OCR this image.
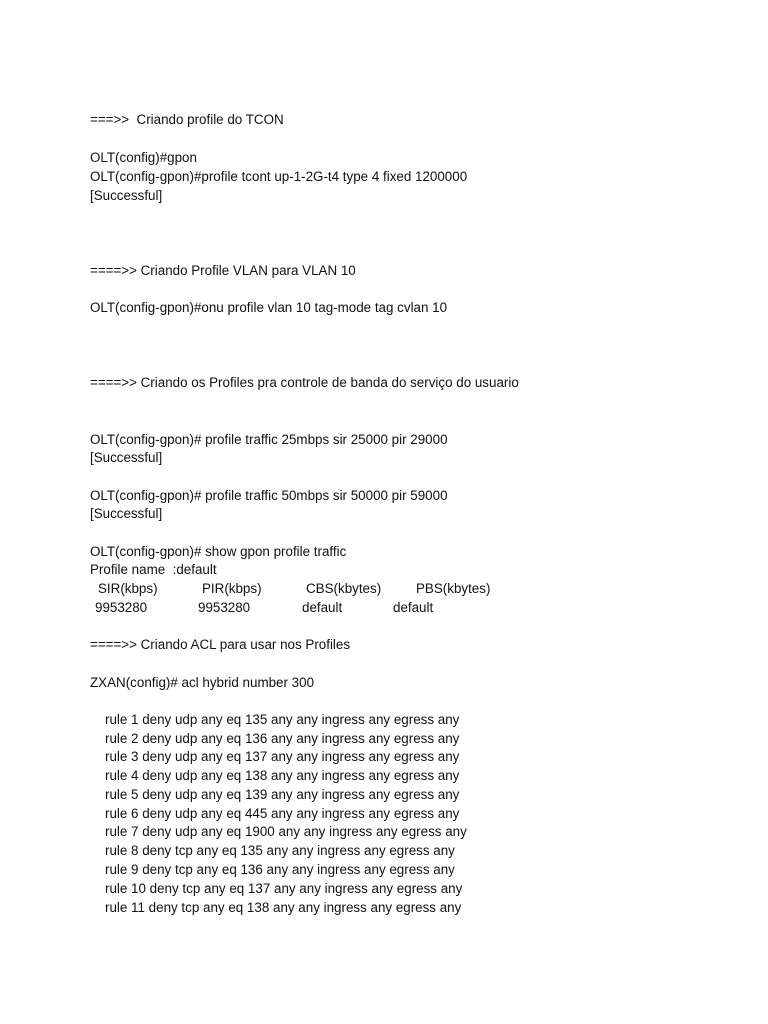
===>>  Criando profile do TCON
OLT(config)#gpon
OLT(config-gpon)#profile tcont up-1-2G-t4 type 4 fixed 1200000
[Successful]
====>> Criando Profile VLAN para VLAN 10
OLT(config-gpon)#onu profile vlan 10 tag-mode tag cvlan 10
====>> Criando os Profiles pra controle de banda do serviço do usuario
OLT(config-gpon)# profile traffic 25mbps sir 25000 pir 29000
[Successful]
OLT(config-gpon)# profile traffic 50mbps sir 50000 pir 59000
[Successful]
OLT(config-gpon)# show gpon profile traffic
Profile name  :default
SIR(kbps)	PIR(kbps)	CBS(kbytes)	PBS(kbytes)
9953280	9953280	default	default
====>> Criando ACL para usar nos Profiles
ZXAN(config)# acl hybrid number 300
rule 1 deny udp any eq 135 any any ingress any egress any
rule 2 deny udp any eq 136 any any ingress any egress any
rule 3 deny udp any eq 137 any any ingress any egress any
rule 4 deny udp any eq 138 any any ingress any egress any
rule 5 deny udp any eq 139 any any ingress any egress any
rule 6 deny udp any eq 445 any any ingress any egress any
rule 7 deny udp any eq 1900 any any ingress any egress any
rule 8 deny tcp any eq 135 any any ingress any egress any
rule 9 deny tcp any eq 136 any any ingress any egress any
rule 10 deny tcp any eq 137 any any ingress any egress any
rule 11 deny tcp any eq 138 any any ingress any egress any
